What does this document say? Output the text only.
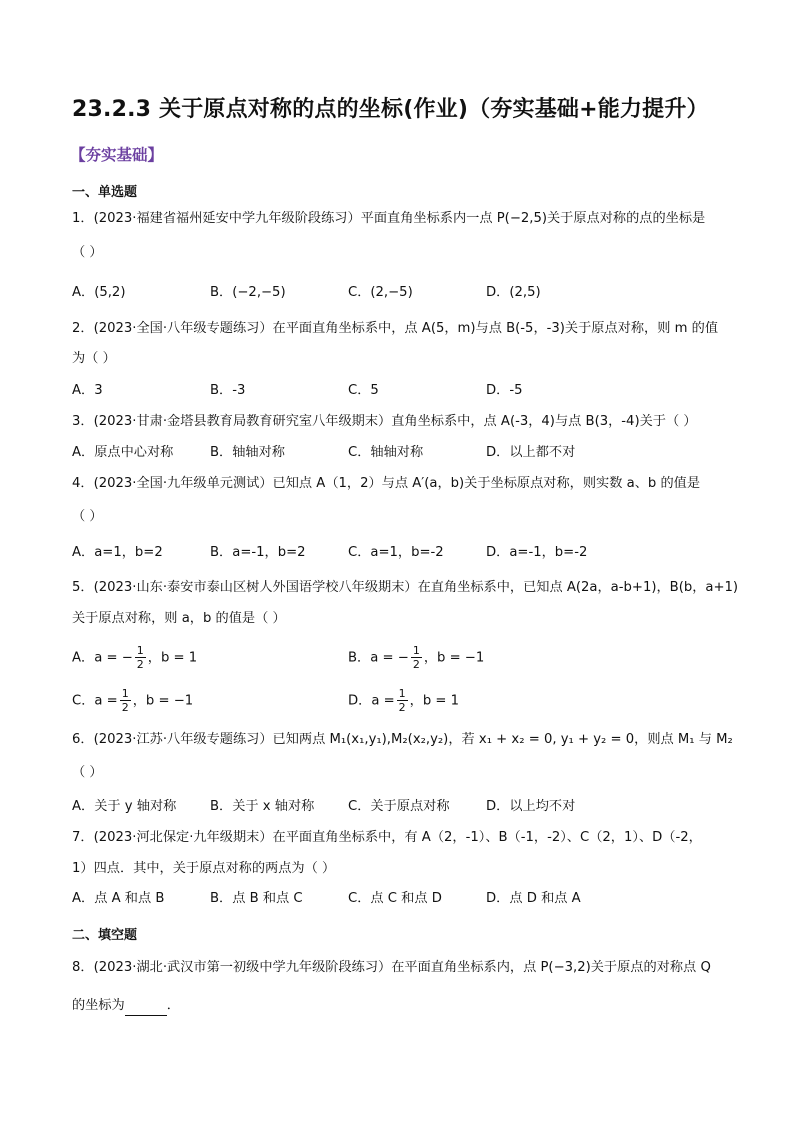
23.2.3 关于原点对称的点的坐标(作业)（夯实基础+能力提升）
【夯实基础】
一、单选题
1．(2023·福建省福州延安中学九年级阶段练习）平面直角坐标系内一点 P(−2,5)关于原点对称的点的坐标是
（ ）
A．(5,2)	B．(−2,−5)	C．(2,−5)	D．(2,5)
2．(2023·全国·八年级专题练习）在平面直角坐标系中，点 A(5，m)与点 B(-5，-3)关于原点对称，则 m 的值
为（ ）
A．3	B．-3	C．5	D．-5
3．(2023·甘肃·金塔县教育局教育研究室八年级期末）直角坐标系中，点 A(-3，4)与点 B(3，-4)关于（ ）
A．原点中心对称	B．轴轴对称	C．轴轴对称	D．以上都不对
4．(2023·全国·九年级单元测试）已知点 A（1，2）与点 A′(a，b)关于坐标原点对称，则实数 a、b 的值是
（ ）
A．a=1，b=2	B．a=-1，b=2	C．a=1，b=-2	D．a=-1，b=-2
5．(2023·山东·泰安市泰山区树人外国语学校八年级期末）在直角坐标系中，已知点 A(2a，a-b+1)，B(b，a+1)
关于原点对称，则 a，b 的值是（ ）
A．a = − $\frac{1}{2}$ ，b = 1	B．a = − $\frac{1}{2}$ ，b = −1
C．$a = \frac{1}{2}$ ，b = −1	D．$a = \frac{1}{2}$ ，b = 1
6．(2023·江苏·八年级专题练习）已知两点 M₁(x₁,y₁),M₂(x₂,y₂)，若 x₁ + x₂ = 0, y₁ + y₂ = 0，则点 M₁ 与 M₂
（ ）
A．关于 y 轴对称	B．关于 x 轴对称	C．关于原点对称	D．以上均不对
7．(2023·河北保定·九年级期末）在平面直角坐标系中，有 A（2，-1）、B（-1，-2）、C（2，1）、D（-2，
1）四点．其中，关于原点对称的两点为（ ）
A．点 A 和点 B	B．点 B 和点 C	C．点 C 和点 D	D．点 D 和点 A
二、填空题
8．(2023·湖北·武汉市第一初级中学九年级阶段练习）在平面直角坐标系内，点 P(−3,2)关于原点的对称点 Q
的坐标为	．
